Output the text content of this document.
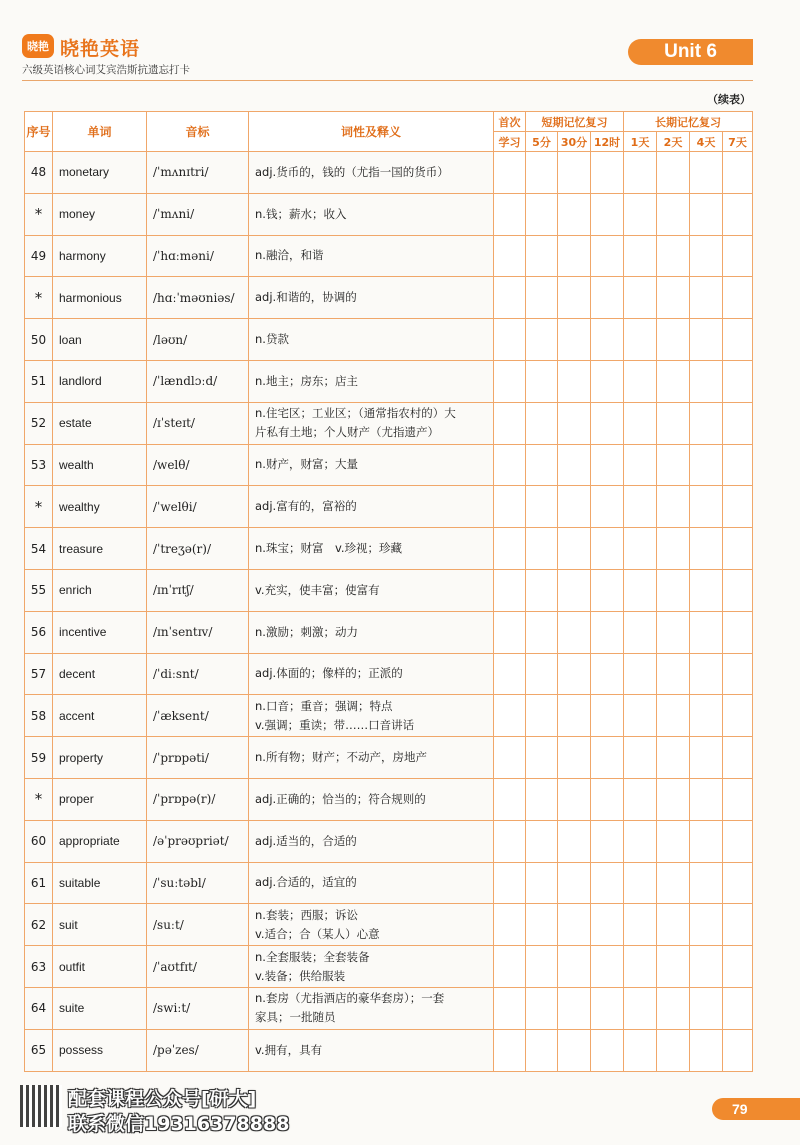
晓艳 晓艳英语
六级英语核心词艾宾浩斯抗遗忘打卡
Unit 6
（续表）
序号	单词	音标	词性及释义	首次	短期记忆复习			长期记忆复习			
				学习	5分	30分	12时	1天	2天	4天	7天
48	monetary	/ˈmʌnɪtri/	adj.货币的，钱的（尤指一国的货币）								

*	money	/ˈmʌni/	n.钱；薪水；收入								

49	harmony	/ˈhɑːməni/	n.融洽，和谐								

*	harmonious	/hɑːˈməʊniəs/	adj.和谐的，协调的								

50	loan	/ləʊn/	n.贷款								

51	landlord	/ˈlændlɔːd/	n.地主；房东；店主								

52	estate	/ɪˈsteɪt/	n.住宅区；工业区；（通常指农村的）大
片私有土地；个人财产（尤指遗产）								

53	wealth	/welθ/	n.财产，财富；大量								

*	wealthy	/ˈwelθi/	adj.富有的，富裕的								

54	treasure	/ˈtreʒə(r)/	n.珠宝；财富　v.珍视；珍藏								

55	enrich	/ɪnˈrɪtʃ/	v.充实，使丰富；使富有								

56	incentive	/ɪnˈsentɪv/	n.激励；刺激；动力								

57	decent	/ˈdiːsnt/	adj.体面的；像样的；正派的								

58	accent	/ˈæksent/	n.口音；重音；强调；特点
v.强调；重读；带……口音讲话								

59	property	/ˈprɒpəti/	n.所有物；财产；不动产，房地产								

*	proper	/ˈprɒpə(r)/	adj.正确的；恰当的；符合规则的								

60	appropriate	/əˈprəʊpriət/	adj.适当的，合适的								

61	suitable	/ˈsuːtəbl/	adj.合适的，适宜的								

62	suit	/suːt/	n.套装；西服；诉讼
v.适合；合（某人）心意								

63	outfit	/ˈaʊtfɪt/	n.全套服装；全套装备
v.装备；供给服装								

64	suite	/swiːt/	n.套房（尤指酒店的豪华套房）；一套
家具；一批随员								

65	possess	/pəˈzes/	v.拥有，具有								

配套课程公众号[研大]
联系微信19316378888
79
